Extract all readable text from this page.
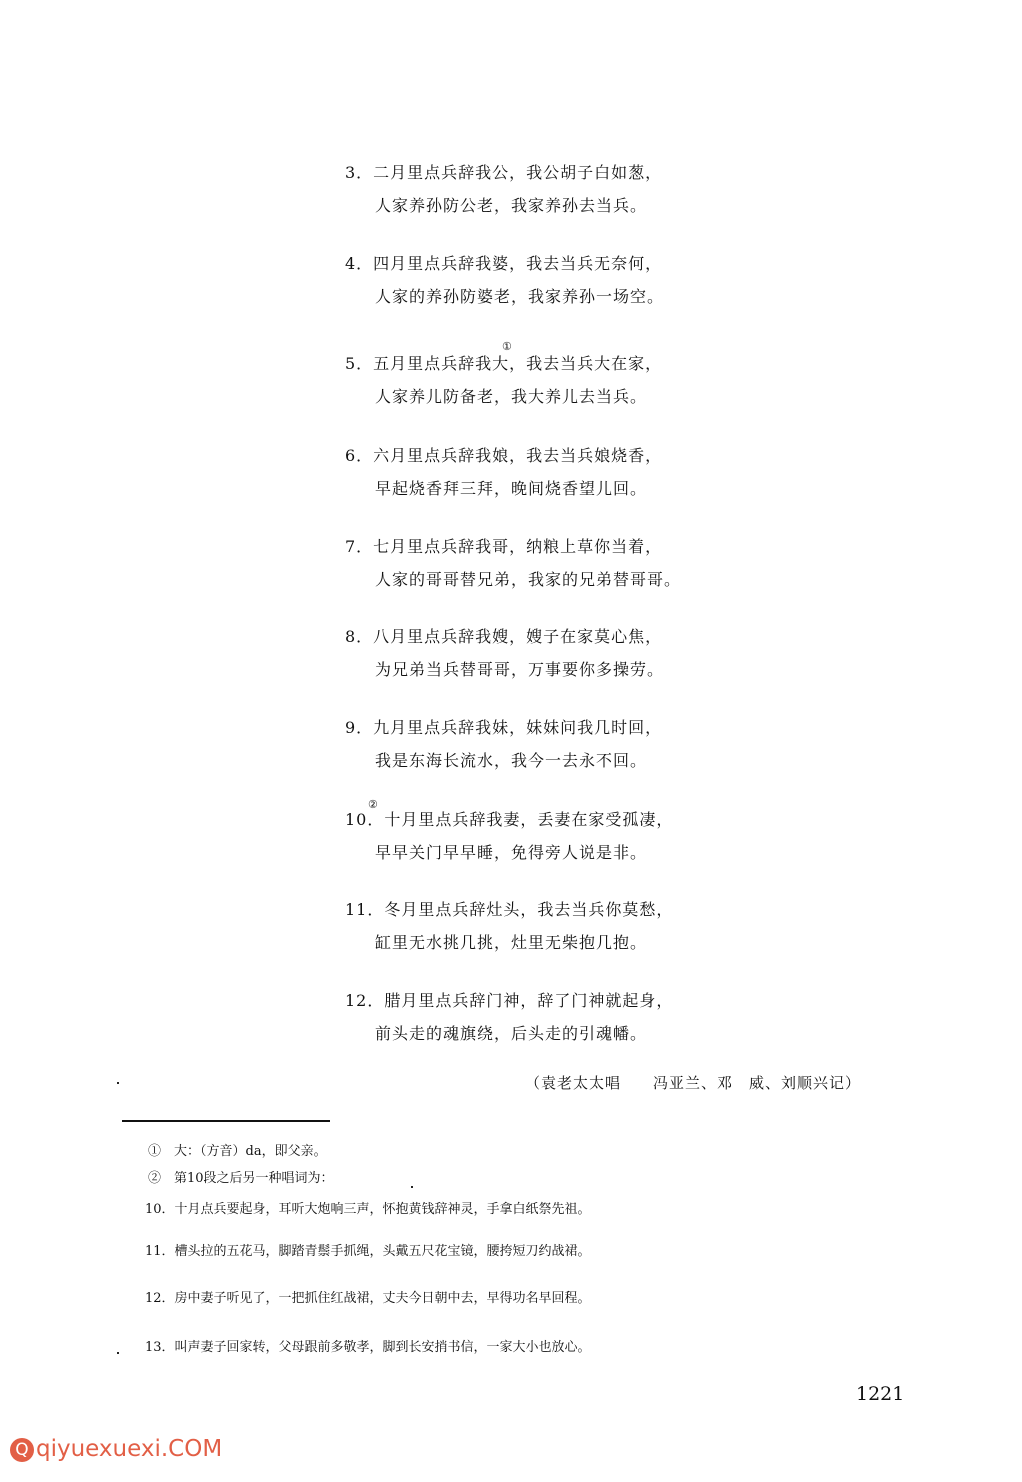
3．二月里点兵辞我公，我公胡子白如葱，
人家养孙防公老，我家养孙去当兵。
4．四月里点兵辞我婆，我去当兵无奈何，
人家的养孙防婆老，我家养孙一场空。
5．五月里点兵辞我大，我去当兵大在家，
人家养儿防备老，我大养儿去当兵。
①
6．六月里点兵辞我娘，我去当兵娘烧香，
早起烧香拜三拜，晚间烧香望儿回。
7．七月里点兵辞我哥，纳粮上草你当着，
人家的哥哥替兄弟，我家的兄弟替哥哥。
8．八月里点兵辞我嫂，嫂子在家莫心焦，
为兄弟当兵替哥哥，万事要你多操劳。
9．九月里点兵辞我妹，妹妹问我几时回，
我是东海长流水，我今一去永不回。
10．十月里点兵辞我妻，丢妻在家受孤凄，
早早关门早早睡，免得旁人说是非。
②
11．冬月里点兵辞灶头，我去当兵你莫愁，
缸里无水挑几挑，灶里无柴抱几抱。
12．腊月里点兵辞门神，辞了门神就起身，
前头走的魂旗绕，后头走的引魂幡。
（袁老太太唱　　冯亚兰、邓　威、刘顺兴记）
①　大：（方音）da，即父亲。
②　第10段之后另一种唱词为：
10．十月点兵要起身，耳听大炮响三声，怀抱黄钱辞神灵，手拿白纸祭先祖。
11．槽头拉的五花马，脚踏青鬃手抓绳，头戴五尺花宝镜，腰挎短刀约战裙。
12．房中妻子听见了，一把抓住红战裙，丈夫今日朝中去，早得功名早回程。
13．叫声妻子回家转，父母跟前多敬孝，脚到长安捎书信，一家大小也放心。
1221
Q qiyuexuexi.COM
